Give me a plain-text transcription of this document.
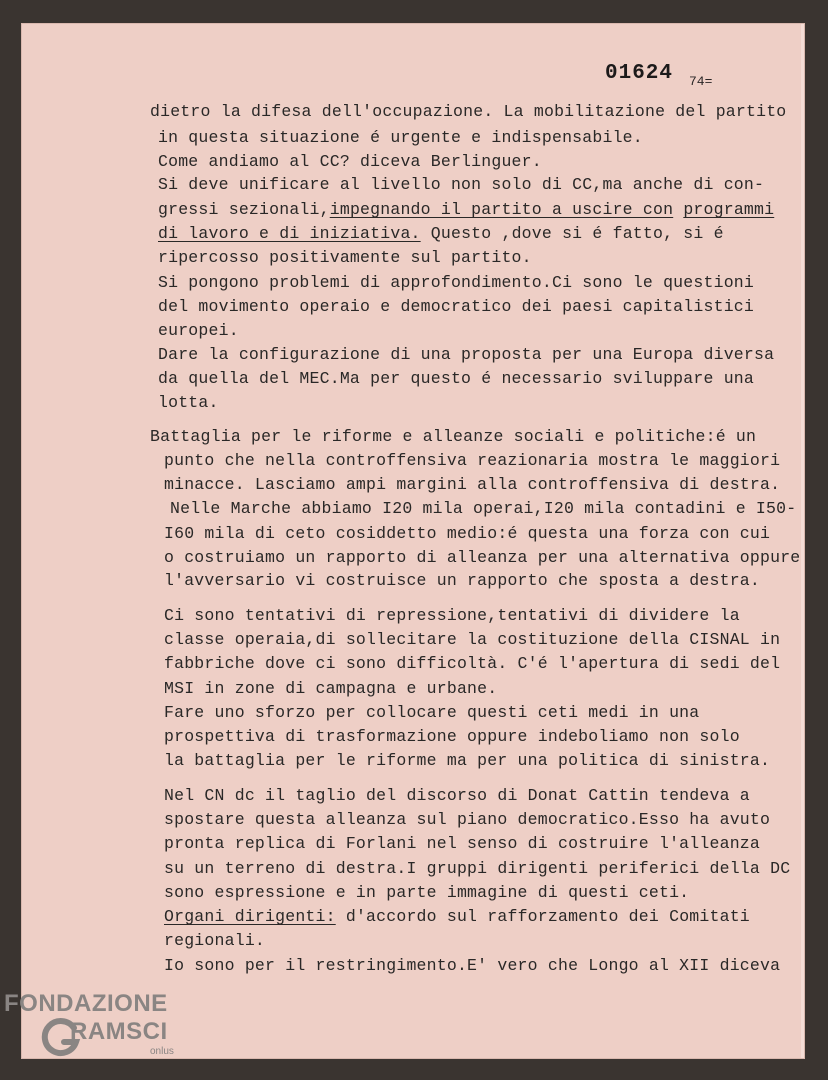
01624 74=
dietro la difesa dell'occupazione. La mobilitazione del partito
in questa situazione é urgente e indispensabile.
Come andiamo al CC? diceva Berlinguer.
Si deve unificare al livello non solo di CC,ma anche di con-
gressi sezionali,impegnando il partito a uscire con programmi
di lavoro e di iniziativa. Questo ,dove si é fatto, si é
ripercosso positivamente sul partito.
Si pongono problemi di approfondimento.Ci sono le questioni
del movimento operaio e democratico dei paesi capitalistici
europei.
Dare la configurazione di una proposta per una Europa diversa
da quella del MEC.Ma per questo é necessario sviluppare una
lotta.
Battaglia per le riforme e alleanze sociali e politiche:é un
punto che nella controffensiva reazionaria mostra le maggiori
minacce. Lasciamo ampi margini alla controffensiva di destra.
Nelle Marche abbiamo I20 mila operai,I20 mila contadini e I50-
I60 mila di ceto cosiddetto medio:é questa una forza con cui
o costruiamo un rapporto di alleanza per una alternativa oppure
l'avversario vi costruisce un rapporto che sposta a destra.
Ci sono tentativi di repressione,tentativi di dividere la
classe operaia,di sollecitare la costituzione della CISNAL in
fabbriche dove ci sono difficoltà. C'é l'apertura di sedi del
MSI in zone di campagna e urbane.
Fare uno sforzo per collocare questi ceti medi in una
prospettiva di trasformazione oppure indeboliamo non solo
la battaglia per le riforme ma per una politica di sinistra.
Nel CN dc il taglio del discorso di Donat Cattin tendeva a
spostare questa alleanza sul piano democratico.Esso ha avuto
pronta replica di Forlani nel senso di costruire l'alleanza
su un terreno di destra.I gruppi dirigenti periferici della DC
sono espressione e in parte immagine di questi ceti.
Organi dirigenti: d'accordo sul rafforzamento dei Comitati
regionali.
Io sono per il restringimento.E' vero che Longo al XII diceva
FONDAZIONE
RAMSCI
onlus
